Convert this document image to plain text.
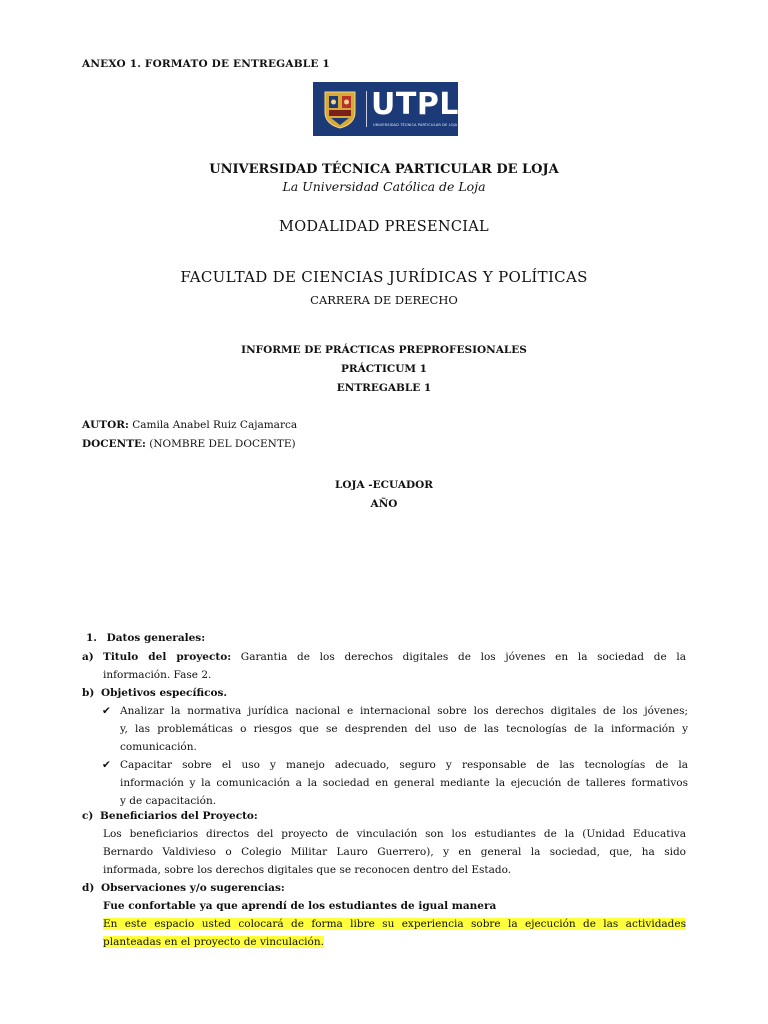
ANEXO 1. FORMATO DE ENTREGABLE 1
UTPL
UNIVERSIDAD TÉCNICA PARTICULAR DE LOJA
UNIVERSIDAD TÉCNICA PARTICULAR DE LOJA
La Universidad Católica de Loja
MODALIDAD PRESENCIAL
FACULTAD DE CIENCIAS JURÍDICAS Y POLÍTICAS
CARRERA DE DERECHO
INFORME DE PRÁCTICAS PREPROFESIONALES
PRÁCTICUM 1
ENTREGABLE 1
AUTOR: Camila Anabel Ruiz Cajamarca
DOCENTE: (NOMBRE DEL DOCENTE)
LOJA -ECUADOR
AÑO
1. Datos generales:
a) Titulo del proyecto: Garantia de los derechos digitales de los jóvenes en la sociedad de la
información. Fase 2.
b) Objetivos específicos.
✔ Analizar la normativa jurídica nacional e internacional sobre los derechos digitales de los jóvenes;
y, las problemáticas o riesgos que se desprenden del uso de las tecnologías de la información y
comunicación.
✔ Capacitar sobre el uso y manejo adecuado, seguro y responsable de las tecnologías de la
información y la comunicación a la sociedad en general mediante la ejecución de talleres formativos
y de capacitación.
c) Beneficiarios del Proyecto:
Los beneficiarios directos del proyecto de vinculación son los estudiantes de la (Unidad Educativa
Bernardo Valdivieso o Colegio Militar Lauro Guerrero), y en general la sociedad, que, ha sido
informada, sobre los derechos digitales que se reconocen dentro del Estado.
d) Observaciones y/o sugerencias:
Fue confortable ya que aprendí de los estudiantes de igual manera
En este espacio usted colocará de forma libre su experiencia sobre la ejecución de las actividades
planteadas en el proyecto de vinculación.
